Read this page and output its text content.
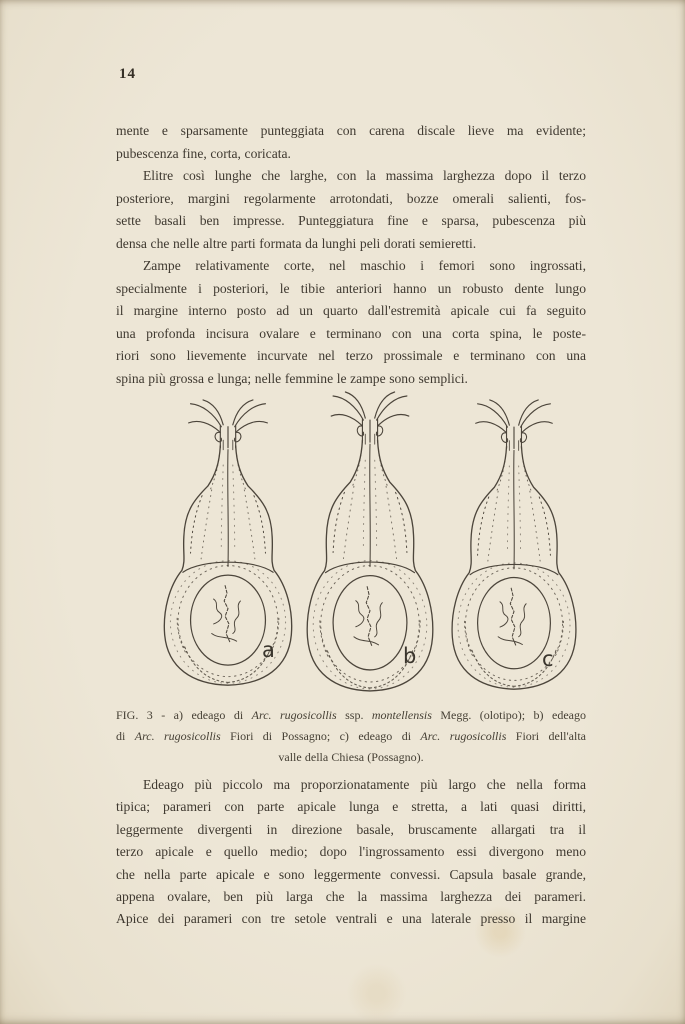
14
mente e sparsamente punteggiata con carena discale lieve ma evidente;
pubescenza fine, corta, coricata.
Elitre così lunghe che larghe, con la massima larghezza dopo il terzo
posteriore, margini regolarmente arrotondati, bozze omerali salienti, fos-
sette basali ben impresse. Punteggiatura fine e sparsa, pubescenza più
densa che nelle altre parti formata da lunghi peli dorati semieretti.
Zampe relativamente corte, nel maschio i femori sono ingrossati,
specialmente i posteriori, le tibie anteriori hanno un robusto dente lungo
il margine interno posto ad un quarto dall'estremità apicale cui fa seguito
una profonda incisura ovalare e terminano con una corta spina, le poste-
riori sono lievemente incurvate nel terzo prossimale e terminano con una
spina più grossa e lunga; nelle femmine le zampe sono semplici.
a	b	c
FIG. 3 - a) edeago di Arc. rugosicollis ssp. montellensis Megg. (olotipo); b) edeago
di Arc. rugosicollis Fiori di Possagno; c) edeago di Arc. rugosicollis Fiori dell'alta
valle della Chiesa (Possagno).
Edeago più piccolo ma proporzionatamente più largo che nella forma
tipica; parameri con parte apicale lunga e stretta, a lati quasi diritti,
leggermente divergenti in direzione basale, bruscamente allargati tra il
terzo apicale e quello medio; dopo l'ingrossamento essi divergono meno
che nella parte apicale e sono leggermente convessi. Capsula basale grande,
appena ovalare, ben più larga che la massima larghezza dei parameri.
Apice dei parameri con tre setole ventrali e una laterale presso il margine
